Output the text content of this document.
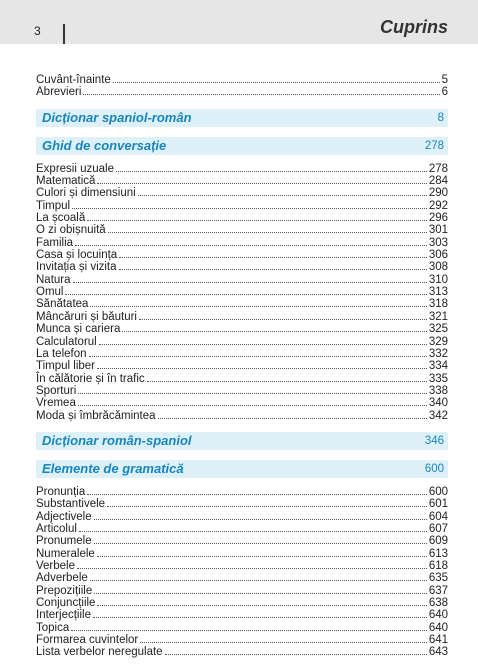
3	Cuprins
Cuvânt-înainte	5
Abrevieri	6
Dicționar spaniol-român	8
Ghid de conversație	278
Expresii uzuale	278
Matematică	284
Culori și dimensiuni	290
Timpul	292
La școală	296
O zi obișnuită	301
Familia	303
Casa și locuința	306
Invitația și vizita	308
Natura	310
Omul	313
Sănătatea	318
Mâncăruri și băuturi	321
Munca și cariera	325
Calculatorul	329
La telefon	332
Timpul liber	334
În călătorie și în trafic	335
Sporturi	338
Vremea	340
Moda și îmbrăcămintea	342
Dicționar român-spaniol	346
Elemente de gramatică	600
Pronunția	600
Substantivele	601
Adjectivele	604
Articolul	607
Pronumele	609
Numeralele	613
Verbele	618
Adverbele	635
Prepozițiile	637
Conjuncțiile	638
Interjecțiile	640
Topica	640
Formarea cuvintelor	641
Lista verbelor neregulate	643
